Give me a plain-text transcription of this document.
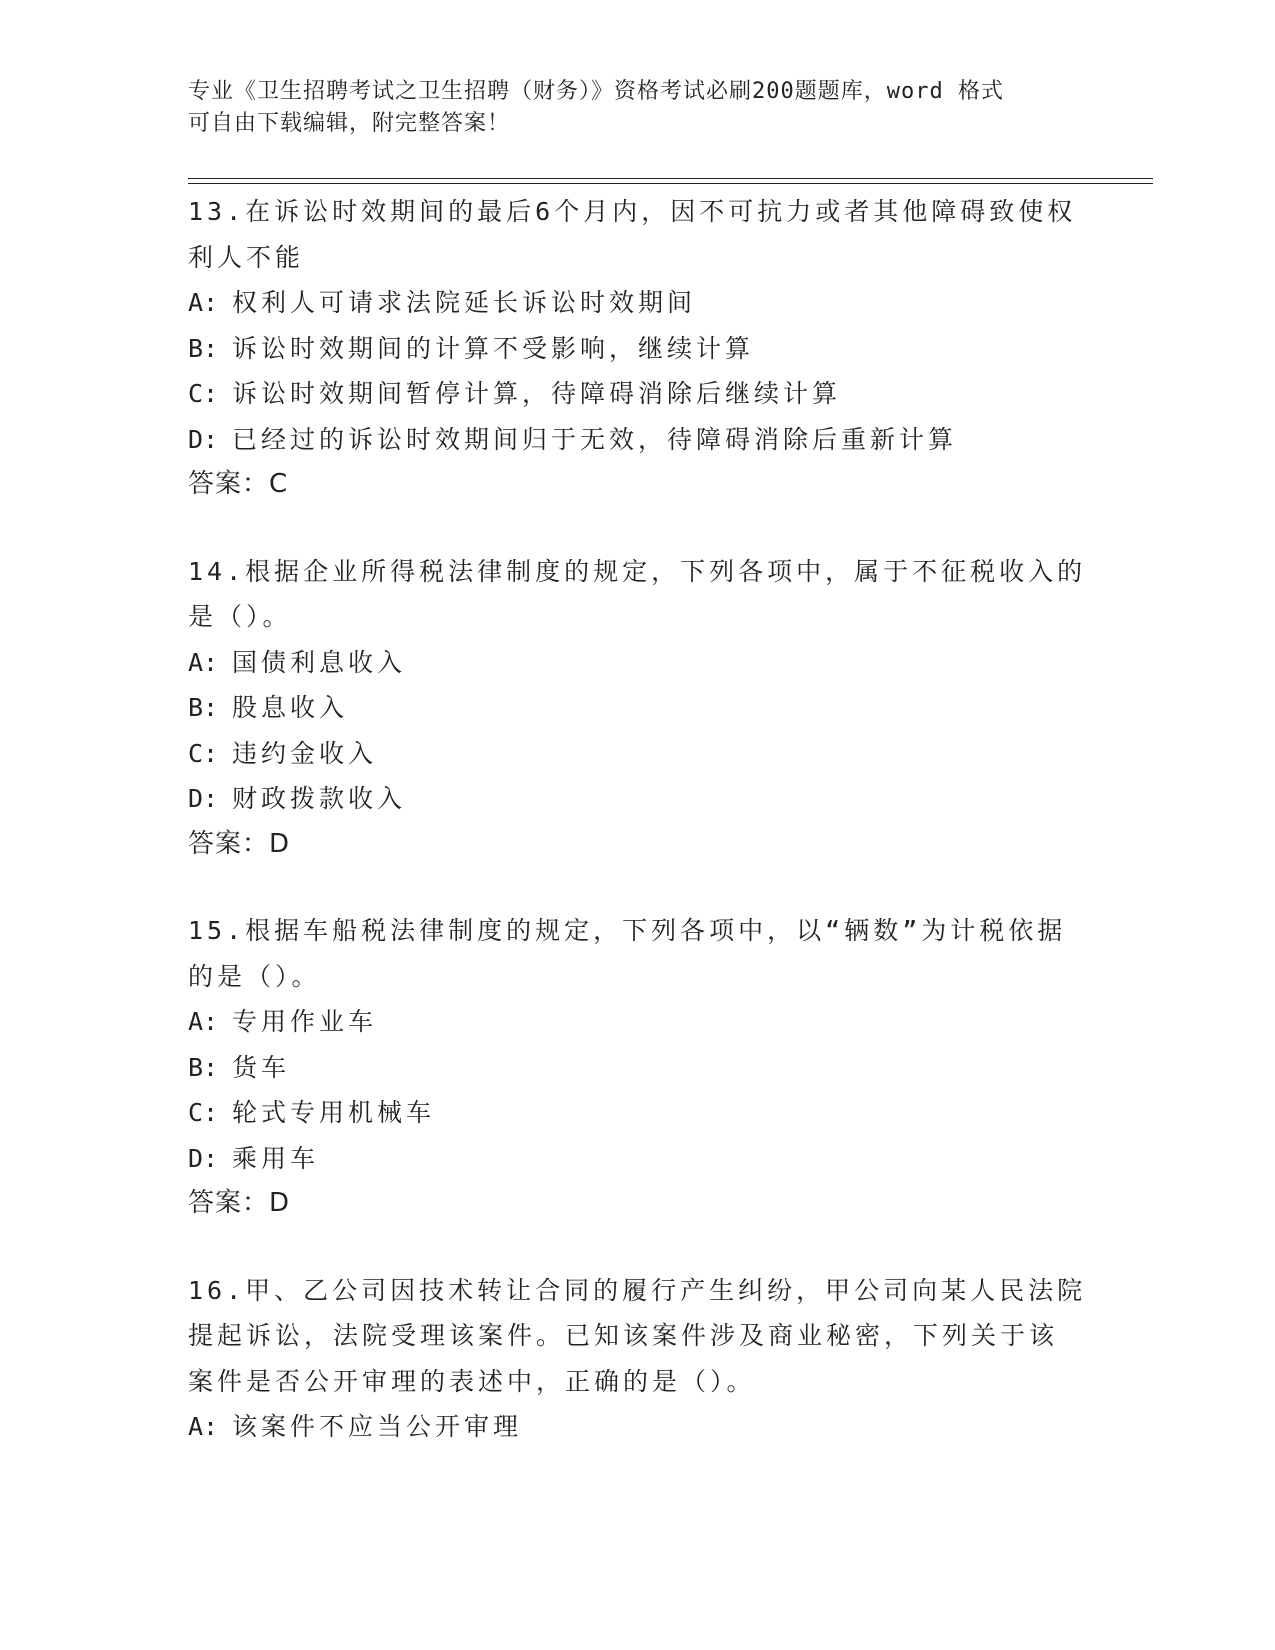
专业《卫生招聘考试之卫生招聘（财务）》资格考试必刷200题题库，word 格式
可自由下载编辑，附完整答案！
13.在诉讼时效期间的最后6个月内，因不可抗力或者其他障碍致使权
利人不能
A: 权利人可请求法院延长诉讼时效期间
B: 诉讼时效期间的计算不受影响，继续计算
C: 诉讼时效期间暂停计算，待障碍消除后继续计算
D: 已经过的诉讼时效期间归于无效，待障碍消除后重新计算
答案：C
14.根据企业所得税法律制度的规定，下列各项中，属于不征税收入的
是（）。
A: 国债利息收入
B: 股息收入
C: 违约金收入
D: 财政拨款收入
答案：D
15.根据车船税法律制度的规定，下列各项中，以“辆数”为计税依据
的是（）。
A: 专用作业车
B: 货车
C: 轮式专用机械车
D: 乘用车
答案：D
16.甲、乙公司因技术转让合同的履行产生纠纷，甲公司向某人民法院
提起诉讼，法院受理该案件。已知该案件涉及商业秘密，下列关于该
案件是否公开审理的表述中，正确的是（）。
A: 该案件不应当公开审理
